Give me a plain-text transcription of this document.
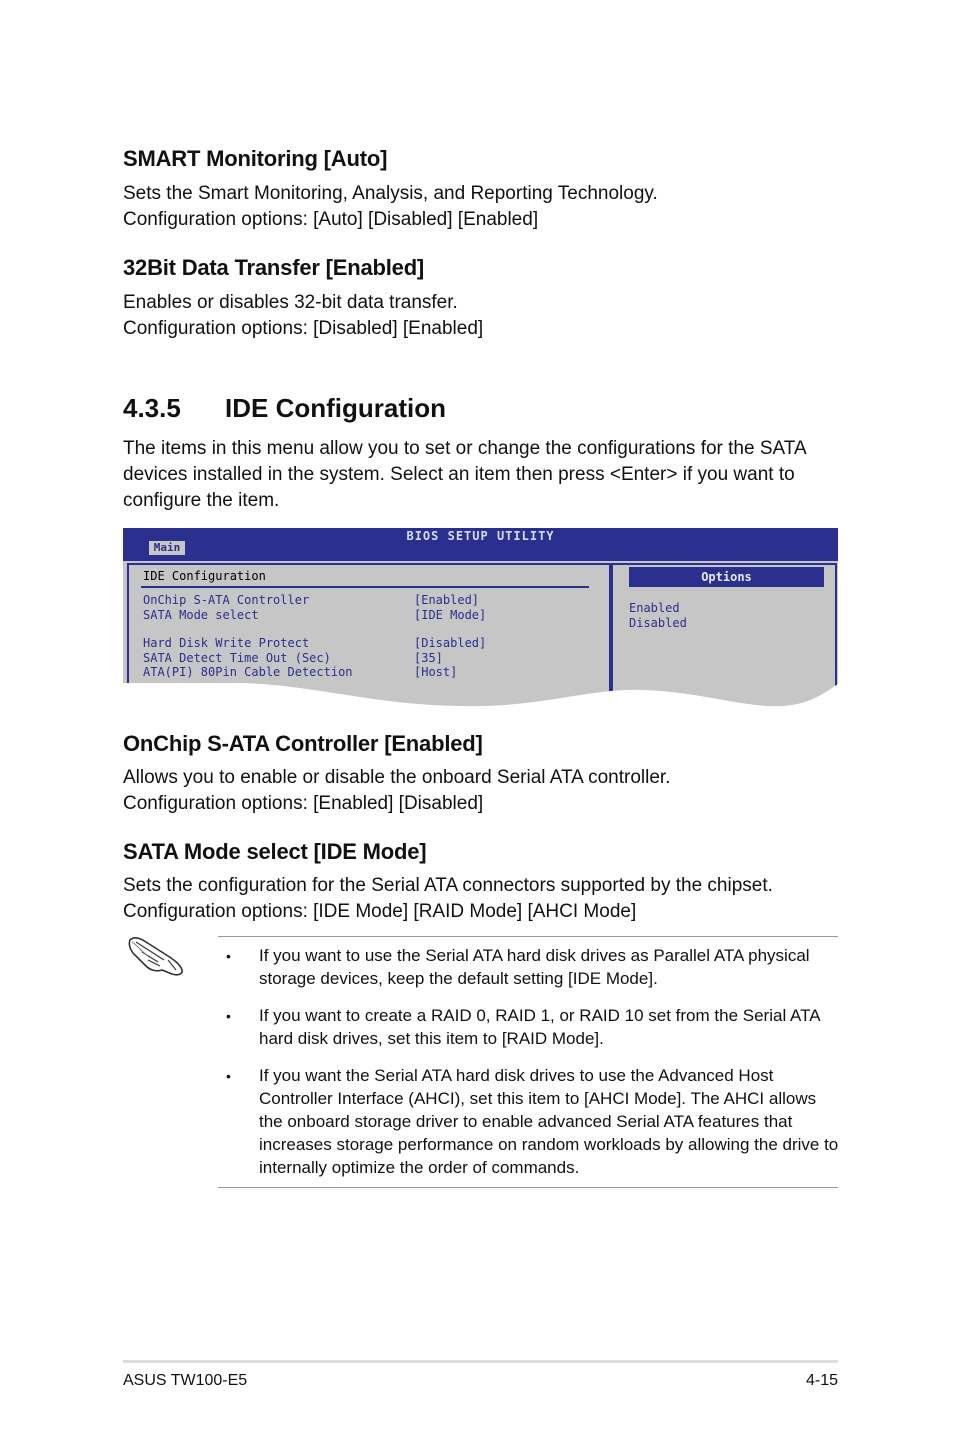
SMART Monitoring [Auto]
Sets the Smart Monitoring, Analysis, and Reporting Technology.
Configuration options: [Auto] [Disabled] [Enabled]
32Bit Data Transfer [Enabled]
Enables or disables 32-bit data transfer.
Configuration options: [Disabled] [Enabled]
4.3.5 IDE Configuration
The items in this menu allow you to set or change the configurations for the SATA
devices installed in the system. Select an item then press <Enter> if you want to
configure the item.
BIOS SETUP UTILITY
Main
IDE Configuration
OnChip S-ATA Controller	[Enabled]
SATA Mode select	[IDE Mode]
Hard Disk Write Protect	[Disabled]
SATA Detect Time Out (Sec)	[35]
ATA(PI) 80Pin Cable Detection	[Host]
Options
Enabled
Disabled
OnChip S-ATA Controller [Enabled]
Allows you to enable or disable the onboard Serial ATA controller.
Configuration options: [Enabled] [Disabled]
SATA Mode select [IDE Mode]
Sets the configuration for the Serial ATA connectors supported by the chipset.
Configuration options: [IDE Mode] [RAID Mode] [AHCI Mode]
• If you want to use the Serial ATA hard disk drives as Parallel ATA physical storage devices, keep the default setting [IDE Mode].
• If you want to create a RAID 0, RAID 1, or RAID 10 set from the Serial ATA hard disk drives, set this item to [RAID Mode].
• If you want the Serial ATA hard disk drives to use the Advanced Host Controller Interface (AHCI), set this item to [AHCI Mode]. The AHCI allows the onboard storage driver to enable advanced Serial ATA features that increases storage performance on random workloads by allowing the drive to internally optimize the order of commands.
ASUS TW100-E5	4-15
